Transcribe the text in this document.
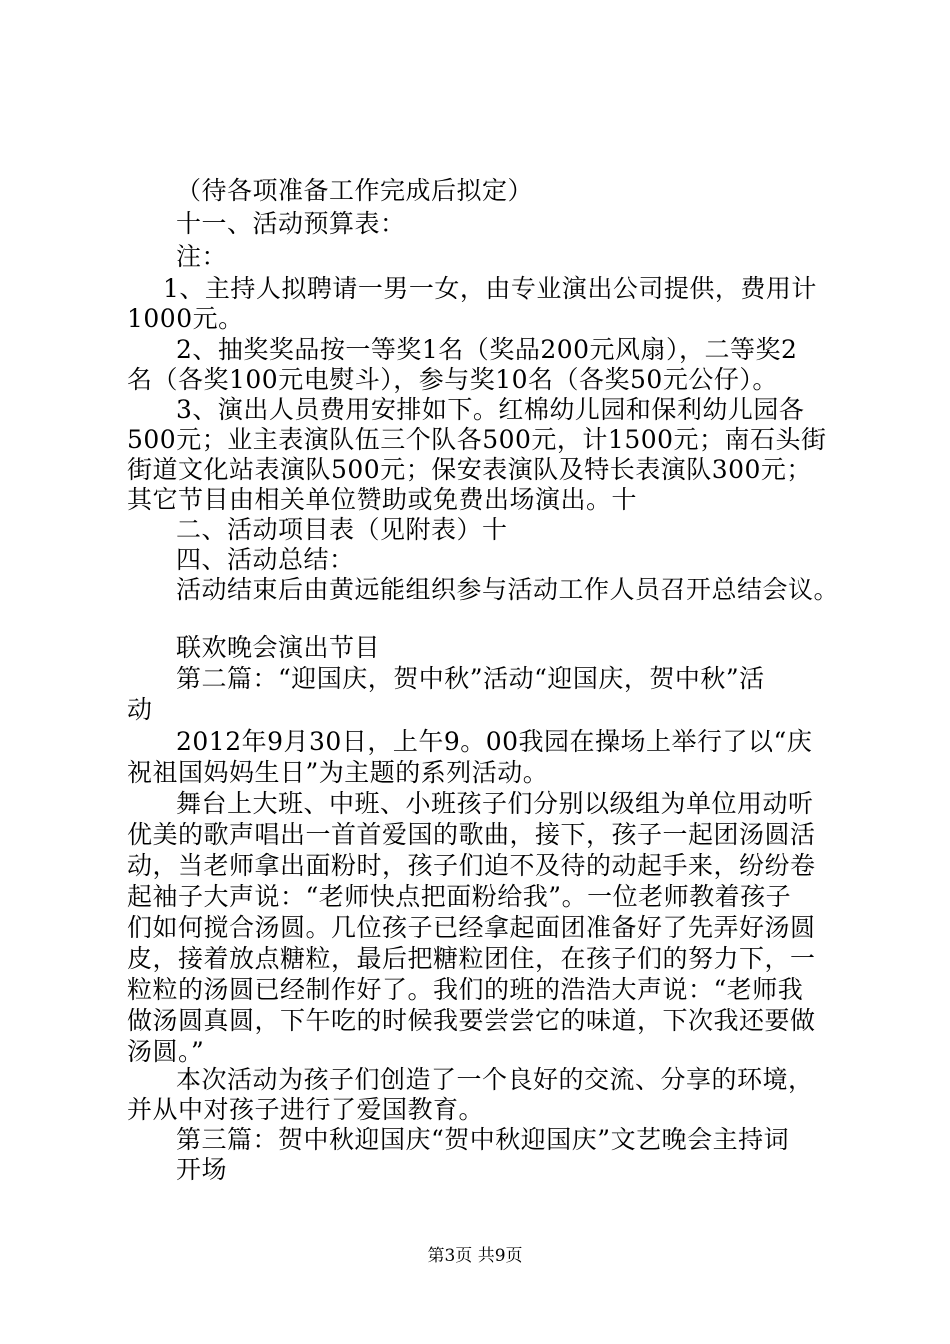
（待各项准备工作完成后拟定）
十一、活动预算表：
注：
1、主持人拟聘请一男一女，由专业演出公司提供，费用计
1000元。
2、抽奖奖品按一等奖1名（奖品200元风扇），二等奖2
名（各奖100元电熨斗），参与奖10名（各奖50元公仔）。
3、演出人员费用安排如下。红棉幼儿园和保利幼儿园各
500元；业主表演队伍三个队各500元，计1500元；南石头街
街道文化站表演队500元；保安表演队及特长表演队300元；
其它节目由相关单位赞助或免费出场演出。十
二、活动项目表（见附表）十
四、活动总结：
活动结束后由黄远能组织参与活动工作人员召开总结会议。
联欢晚会演出节目
第二篇：“迎国庆，贺中秋”活动“迎国庆，贺中秋”活
动
2012年9月30日，上午9。00我园在操场上举行了以“庆
祝祖国妈妈生日”为主题的系列活动。
舞台上大班、中班、小班孩子们分别以级组为单位用动听
优美的歌声唱出一首首爱国的歌曲，接下，孩子一起团汤圆活
动，当老师拿出面粉时，孩子们迫不及待的动起手来，纷纷卷
起袖子大声说：“老师快点把面粉给我”。一位老师教着孩子
们如何搅合汤圆。几位孩子已经拿起面团准备好了先弄好汤圆
皮，接着放点糖粒，最后把糖粒团住，在孩子们的努力下，一
粒粒的汤圆已经制作好了。我们的班的浩浩大声说：“老师我
做汤圆真圆，下午吃的时候我要尝尝它的味道，下次我还要做
汤圆。”
本次活动为孩子们创造了一个良好的交流、分享的环境，
并从中对孩子进行了爱国教育。
第三篇：贺中秋迎国庆“贺中秋迎国庆”文艺晚会主持词
开场
第3页 共9页
